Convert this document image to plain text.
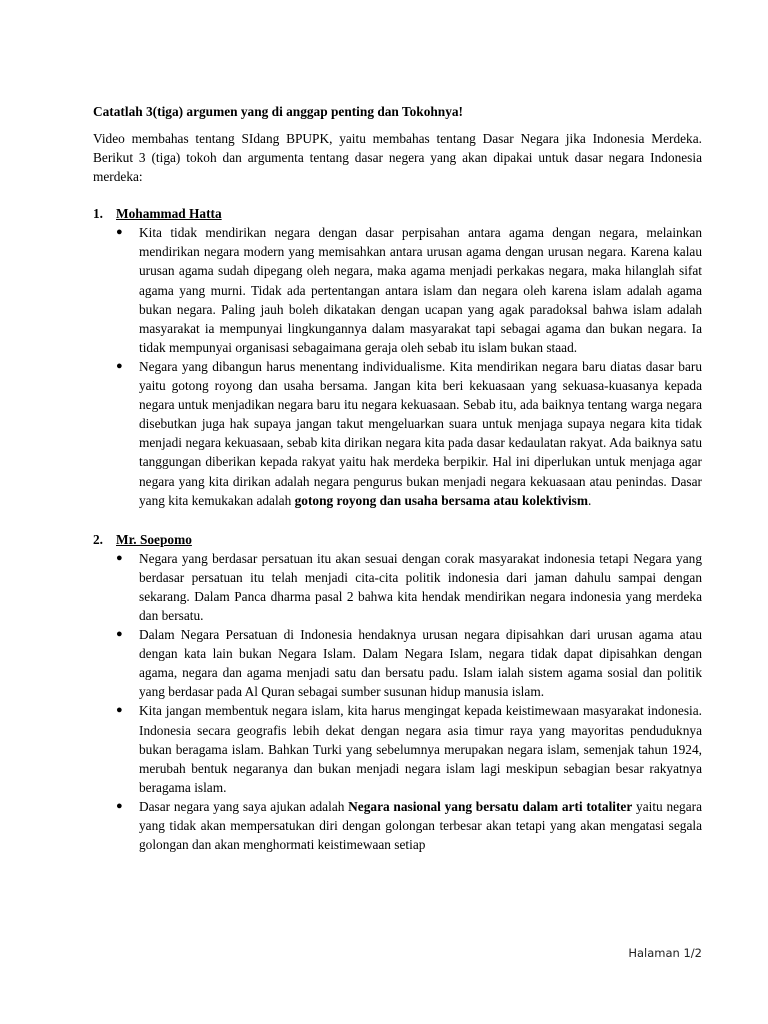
Catatlah 3(tiga) argumen yang di anggap penting dan Tokohnya!
Video membahas tentang SIdang BPUPK, yaitu membahas tentang Dasar Negara jika Indonesia Merdeka. Berikut 3 (tiga) tokoh dan argumenta tentang dasar negera yang akan dipakai untuk dasar negara Indonesia merdeka:
1. Mohammad Hatta
● Kita tidak mendirikan negara dengan dasar perpisahan antara agama dengan negara, melainkan mendirikan negara modern yang memisahkan antara urusan agama dengan urusan negara. Karena kalau urusan agama sudah dipegang oleh negara, maka agama menjadi perkakas negara, maka hilanglah sifat agama yang murni. Tidak ada pertentangan antara islam dan negara oleh karena islam adalah agama bukan negara. Paling jauh boleh dikatakan dengan ucapan yang agak paradoksal bahwa islam adalah masyarakat ia mempunyai lingkungannya dalam masyarakat tapi sebagai agama dan bukan negara. Ia tidak mempunyai organisasi sebagaimana geraja oleh sebab itu islam bukan staad.
● Negara yang dibangun harus menentang individualisme. Kita mendirikan negara baru diatas dasar baru yaitu gotong royong dan usaha bersama. Jangan kita beri kekuasaan yang sekuasa-kuasanya kepada negara untuk menjadikan negara baru itu negara kekuasaan. Sebab itu, ada baiknya tentang warga negara disebutkan juga hak supaya jangan takut mengeluarkan suara untuk menjaga supaya negara kita tidak menjadi negara kekuasaan, sebab kita dirikan negara kita pada dasar kedaulatan rakyat. Ada baiknya satu tanggungan diberikan kepada rakyat yaitu hak merdeka berpikir. Hal ini diperlukan untuk menjaga agar negara yang kita dirikan adalah negara pengurus bukan menjadi negara kekuasaan atau penindas. Dasar yang kita kemukakan adalah gotong royong dan usaha bersama atau kolektivism.
2. Mr. Soepomo
● Negara yang berdasar persatuan itu akan sesuai dengan corak masyarakat indonesia tetapi Negara yang berdasar persatuan itu telah menjadi cita-cita politik indonesia dari jaman dahulu sampai dengan sekarang. Dalam Panca dharma pasal 2 bahwa kita hendak mendirikan negara indonesia yang merdeka dan bersatu.
● Dalam Negara Persatuan di Indonesia hendaknya urusan negara dipisahkan dari urusan agama atau dengan kata lain bukan Negara Islam. Dalam Negara Islam, negara tidak dapat dipisahkan dengan agama, negara dan agama menjadi satu dan bersatu padu. Islam ialah sistem agama sosial dan politik yang berdasar pada Al Quran sebagai sumber susunan hidup manusia islam.
● Kita jangan membentuk negara islam, kita harus mengingat kepada keistimewaan masyarakat indonesia. Indonesia secara geografis lebih dekat dengan negara asia timur raya yang mayoritas penduduknya bukan beragama islam. Bahkan Turki yang sebelumnya merupakan negara islam, semenjak tahun 1924, merubah bentuk negaranya dan bukan menjadi negara islam lagi meskipun sebagian besar rakyatnya beragama islam.
● Dasar negara yang saya ajukan adalah Negara nasional yang bersatu dalam arti totaliter yaitu negara yang tidak akan mempersatukan diri dengan golongan terbesar akan tetapi yang akan mengatasi segala golongan dan akan menghormati keistimewaan setiap
Halaman 1/2
